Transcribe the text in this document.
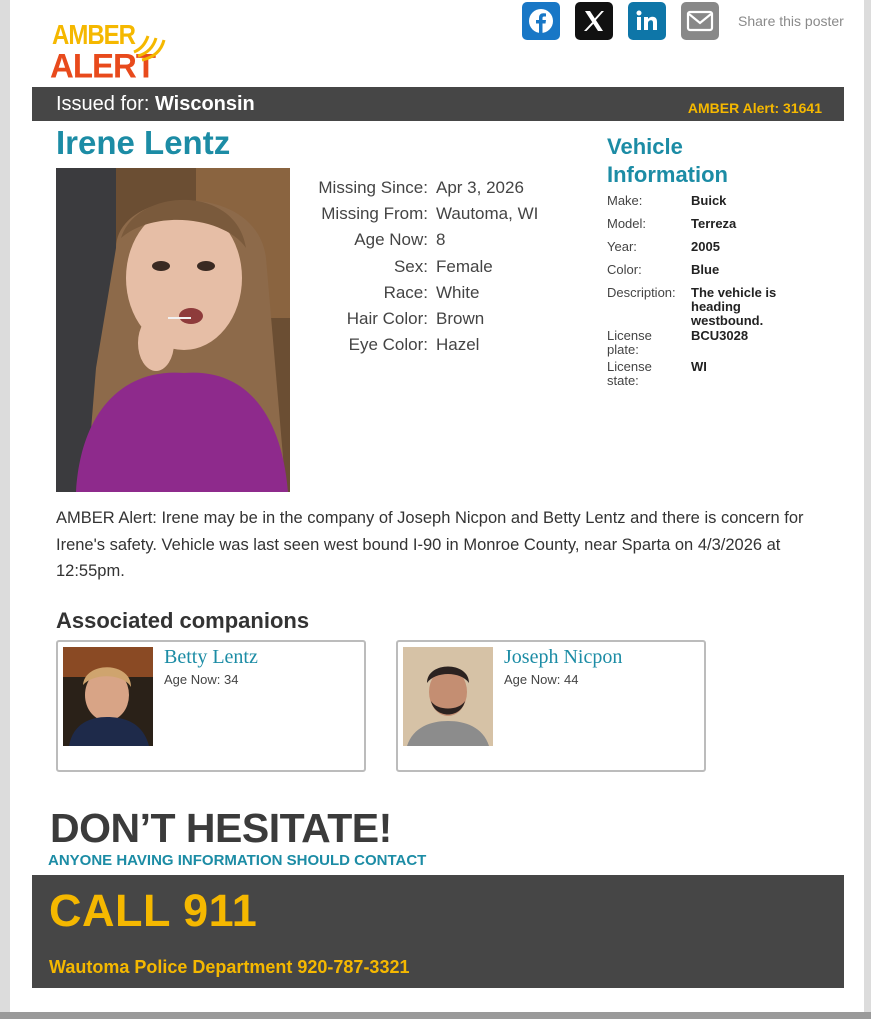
AMBER
ALERT
Share this poster
Issued for: Wisconsin	AMBER Alert: 31641
Irene Lentz
Missing Since: Apr 3, 2026
Missing From: Wautoma, WI
Age Now: 8
Sex: Female
Race: White
Hair Color: Brown
Eye Color: Hazel
Vehicle Information
Make:	Buick
Model:	Terreza
Year:	2005
Color:	Blue
Description:	The vehicle is heading westbound.
License plate:
BCU3028
License state:
WI
AMBER Alert: Irene may be in the company of Joseph Nicpon and Betty Lentz and there is concern for Irene's safety. Vehicle was last seen west bound I-90 in Monroe County, near Sparta on 4/3/2026 at 12:55pm.
Associated companions
Betty Lentz
Age Now: 34
Joseph Nicpon
Age Now: 44
DON’T HESITATE!
ANYONE HAVING INFORMATION SHOULD CONTACT
CALL 911
Wautoma Police Department 920-787-3321
